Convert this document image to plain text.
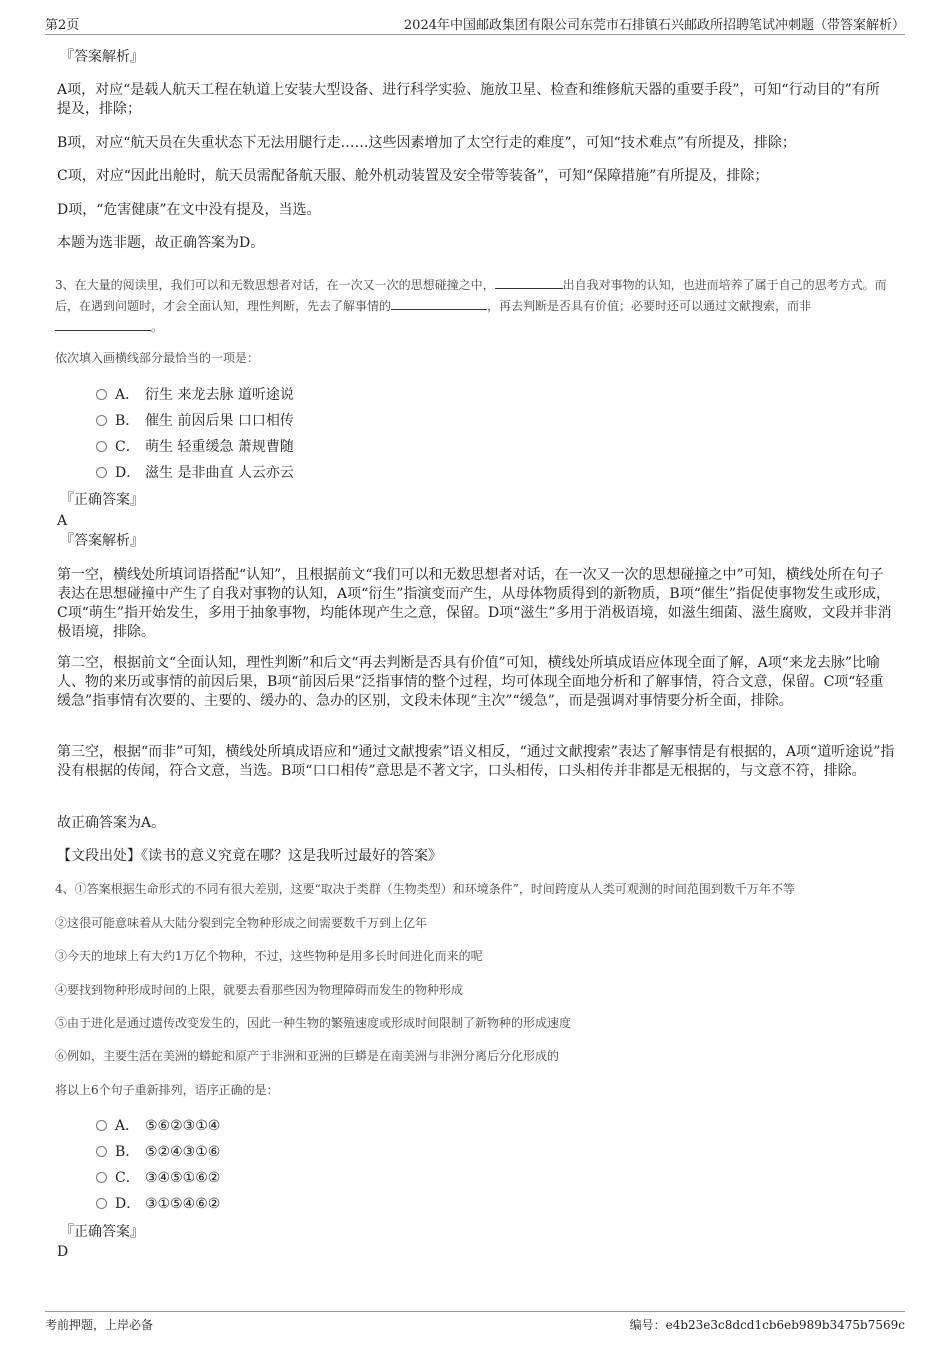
第2页	2024年中国邮政集团有限公司东莞市石排镇石兴邮政所招聘笔试冲刺题（带答案解析）
『答案解析』
A项，对应“是载人航天工程在轨道上安装大型设备、进行科学实验、施放卫星、检查和维修航天器的重要手段”，可知“行动目的”有所提及，排除；
B项，对应“航天员在失重状态下无法用腿行走……这些因素增加了太空行走的难度”，可知“技术难点”有所提及，排除；
C项，对应“因此出舱时，航天员需配备航天服、舱外机动装置及安全带等装备”，可知“保障措施”有所提及，排除；
D项，“危害健康”在文中没有提及，当选。
本题为选非题，故正确答案为D。
3、在大量的阅读里，我们可以和无数思想者对话，在一次又一次的思想碰撞之中，	出自我对事物的认知，也进而培养了属于自己的思考方式。而后，在遇到问题时，才会全面认知，理性判断，先去了解事情的	，再去判断是否具有价值；必要时还可以通过文献搜索，而非。
依次填入画横线部分最恰当的一项是：
A． 衍生 来龙去脉 道听途说
B． 催生 前因后果 口口相传
C． 萌生 轻重缓急 萧规曹随
D． 滋生 是非曲直 人云亦云
『正确答案』
A
『答案解析』
第一空，横线处所填词语搭配“认知”，且根据前文“我们可以和无数思想者对话，在一次又一次的思想碰撞之中”可知，横线处所在句子表达在思想碰撞中产生了自我对事物的认知，A项“衍生”指演变而产生，从母体物质得到的新物质，B项“催生”指促使事物发生或形成，C项“萌生”指开始发生，多用于抽象事物，均能体现产生之意，保留。D项“滋生”多用于消极语境，如滋生细菌、滋生腐败，文段并非消极语境，排除。
第二空，根据前文“全面认知，理性判断”和后文“再去判断是否具有价值”可知，横线处所填成语应体现全面了解，A项“来龙去脉”比喻人、物的来历或事情的前因后果，B项“前因后果”泛指事情的整个过程，均可体现全面地分析和了解事情，符合文意，保留。C项“轻重缓急”指事情有次要的、主要的、缓办的、急办的区别，文段未体现“主次”“缓急”，而是强调对事情要分析全面，排除。
第三空，根据“而非”可知，横线处所填成语应和“通过文献搜索”语义相反，“通过文献搜索”表达了解事情是有根据的，A项“道听途说”指没有根据的传闻，符合文意，当选。B项“口口相传”意思是不著文字，口头相传，口头相传并非都是无根据的，与文意不符，排除。
故正确答案为A。
【文段出处】《读书的意义究竟在哪？这是我听过最好的答案》
4、①答案根据生命形式的不同有很大差别，这要“取决于类群（生物类型）和环境条件”，时间跨度从人类可观测的时间范围到数千万年不等
②这很可能意味着从大陆分裂到完全物种形成之间需要数千万到上亿年
③今天的地球上有大约1万亿个物种，不过，这些物种是用多长时间进化而来的呢
④要找到物种形成时间的上限，就要去看那些因为物理障碍而发生的物种形成
⑤由于进化是通过遗传改变发生的，因此一种生物的繁殖速度或形成时间限制了新物种的形成速度
⑥例如，主要生活在美洲的蟒蛇和原产于非洲和亚洲的巨蟒是在南美洲与非洲分离后分化形成的
将以上6个句子重新排列，语序正确的是：
A． ⑤⑥②③①④
B． ⑤②④③①⑥
C． ③④⑤①⑥②
D． ③①⑤④⑥②
『正确答案』
D
考前押题，上岸必备	编号：e4b23e3c8dcd1cb6eb989b3475b7569c
